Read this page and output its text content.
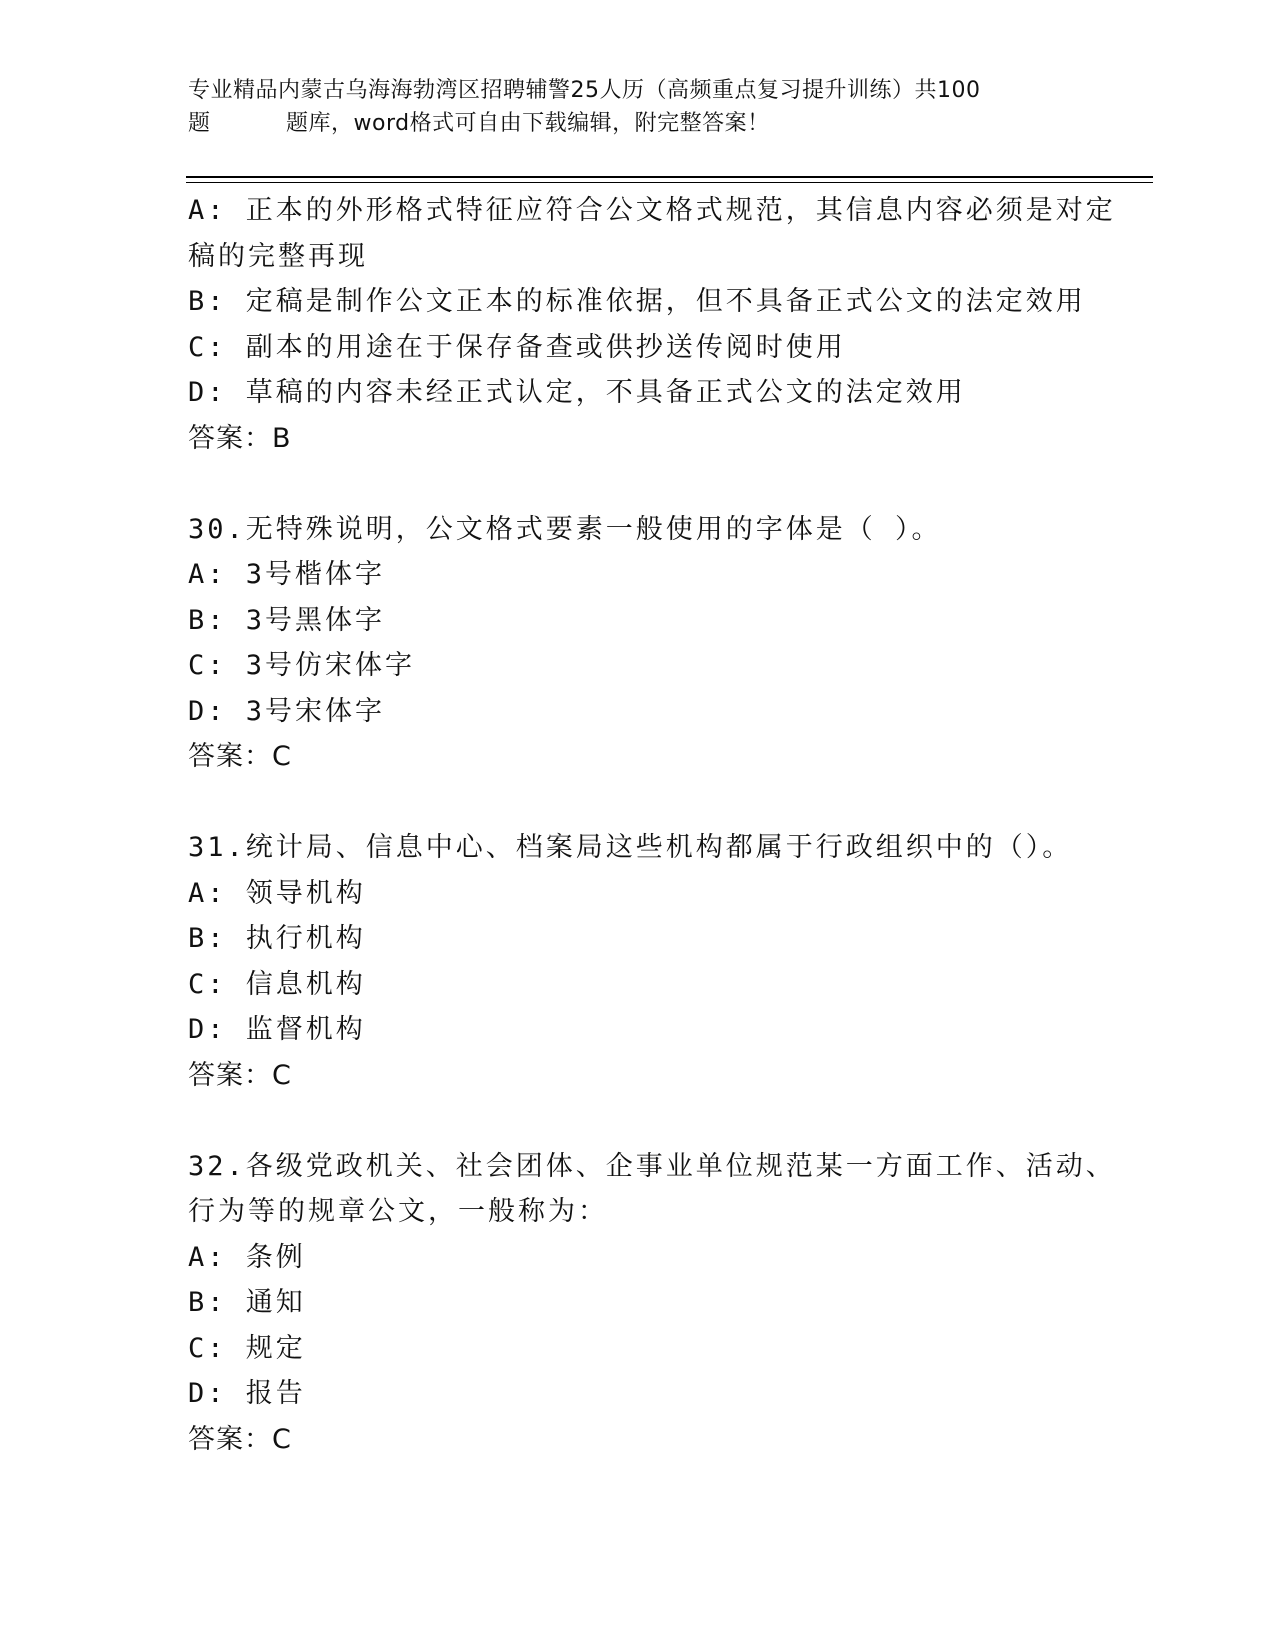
专业精品内蒙古乌海海勃湾区招聘辅警25人历（高频重点复习提升训练）共100
题	题库，word格式可自由下载编辑，附完整答案！
A: 正本的外形格式特征应符合公文格式规范，其信息内容必须是对定
稿的完整再现
B: 定稿是制作公文正本的标准依据，但不具备正式公文的法定效用
C: 副本的用途在于保存备查或供抄送传阅时使用
D: 草稿的内容未经正式认定，不具备正式公文的法定效用
答案： B
30.无特殊说明，公文格式要素一般使用的字体是（ ）。
A: 3号楷体字
B: 3号黑体字
C: 3号仿宋体字
D: 3号宋体字
答案： C
31.统计局、信息中心、档案局这些机构都属于行政组织中的（）。
A: 领导机构
B: 执行机构
C: 信息机构
D: 监督机构
答案： C
32.各级党政机关、社会团体、企事业单位规范某一方面工作、活动、
行为等的规章公文，一般称为：
A: 条例
B: 通知
C: 规定
D: 报告
答案： C
